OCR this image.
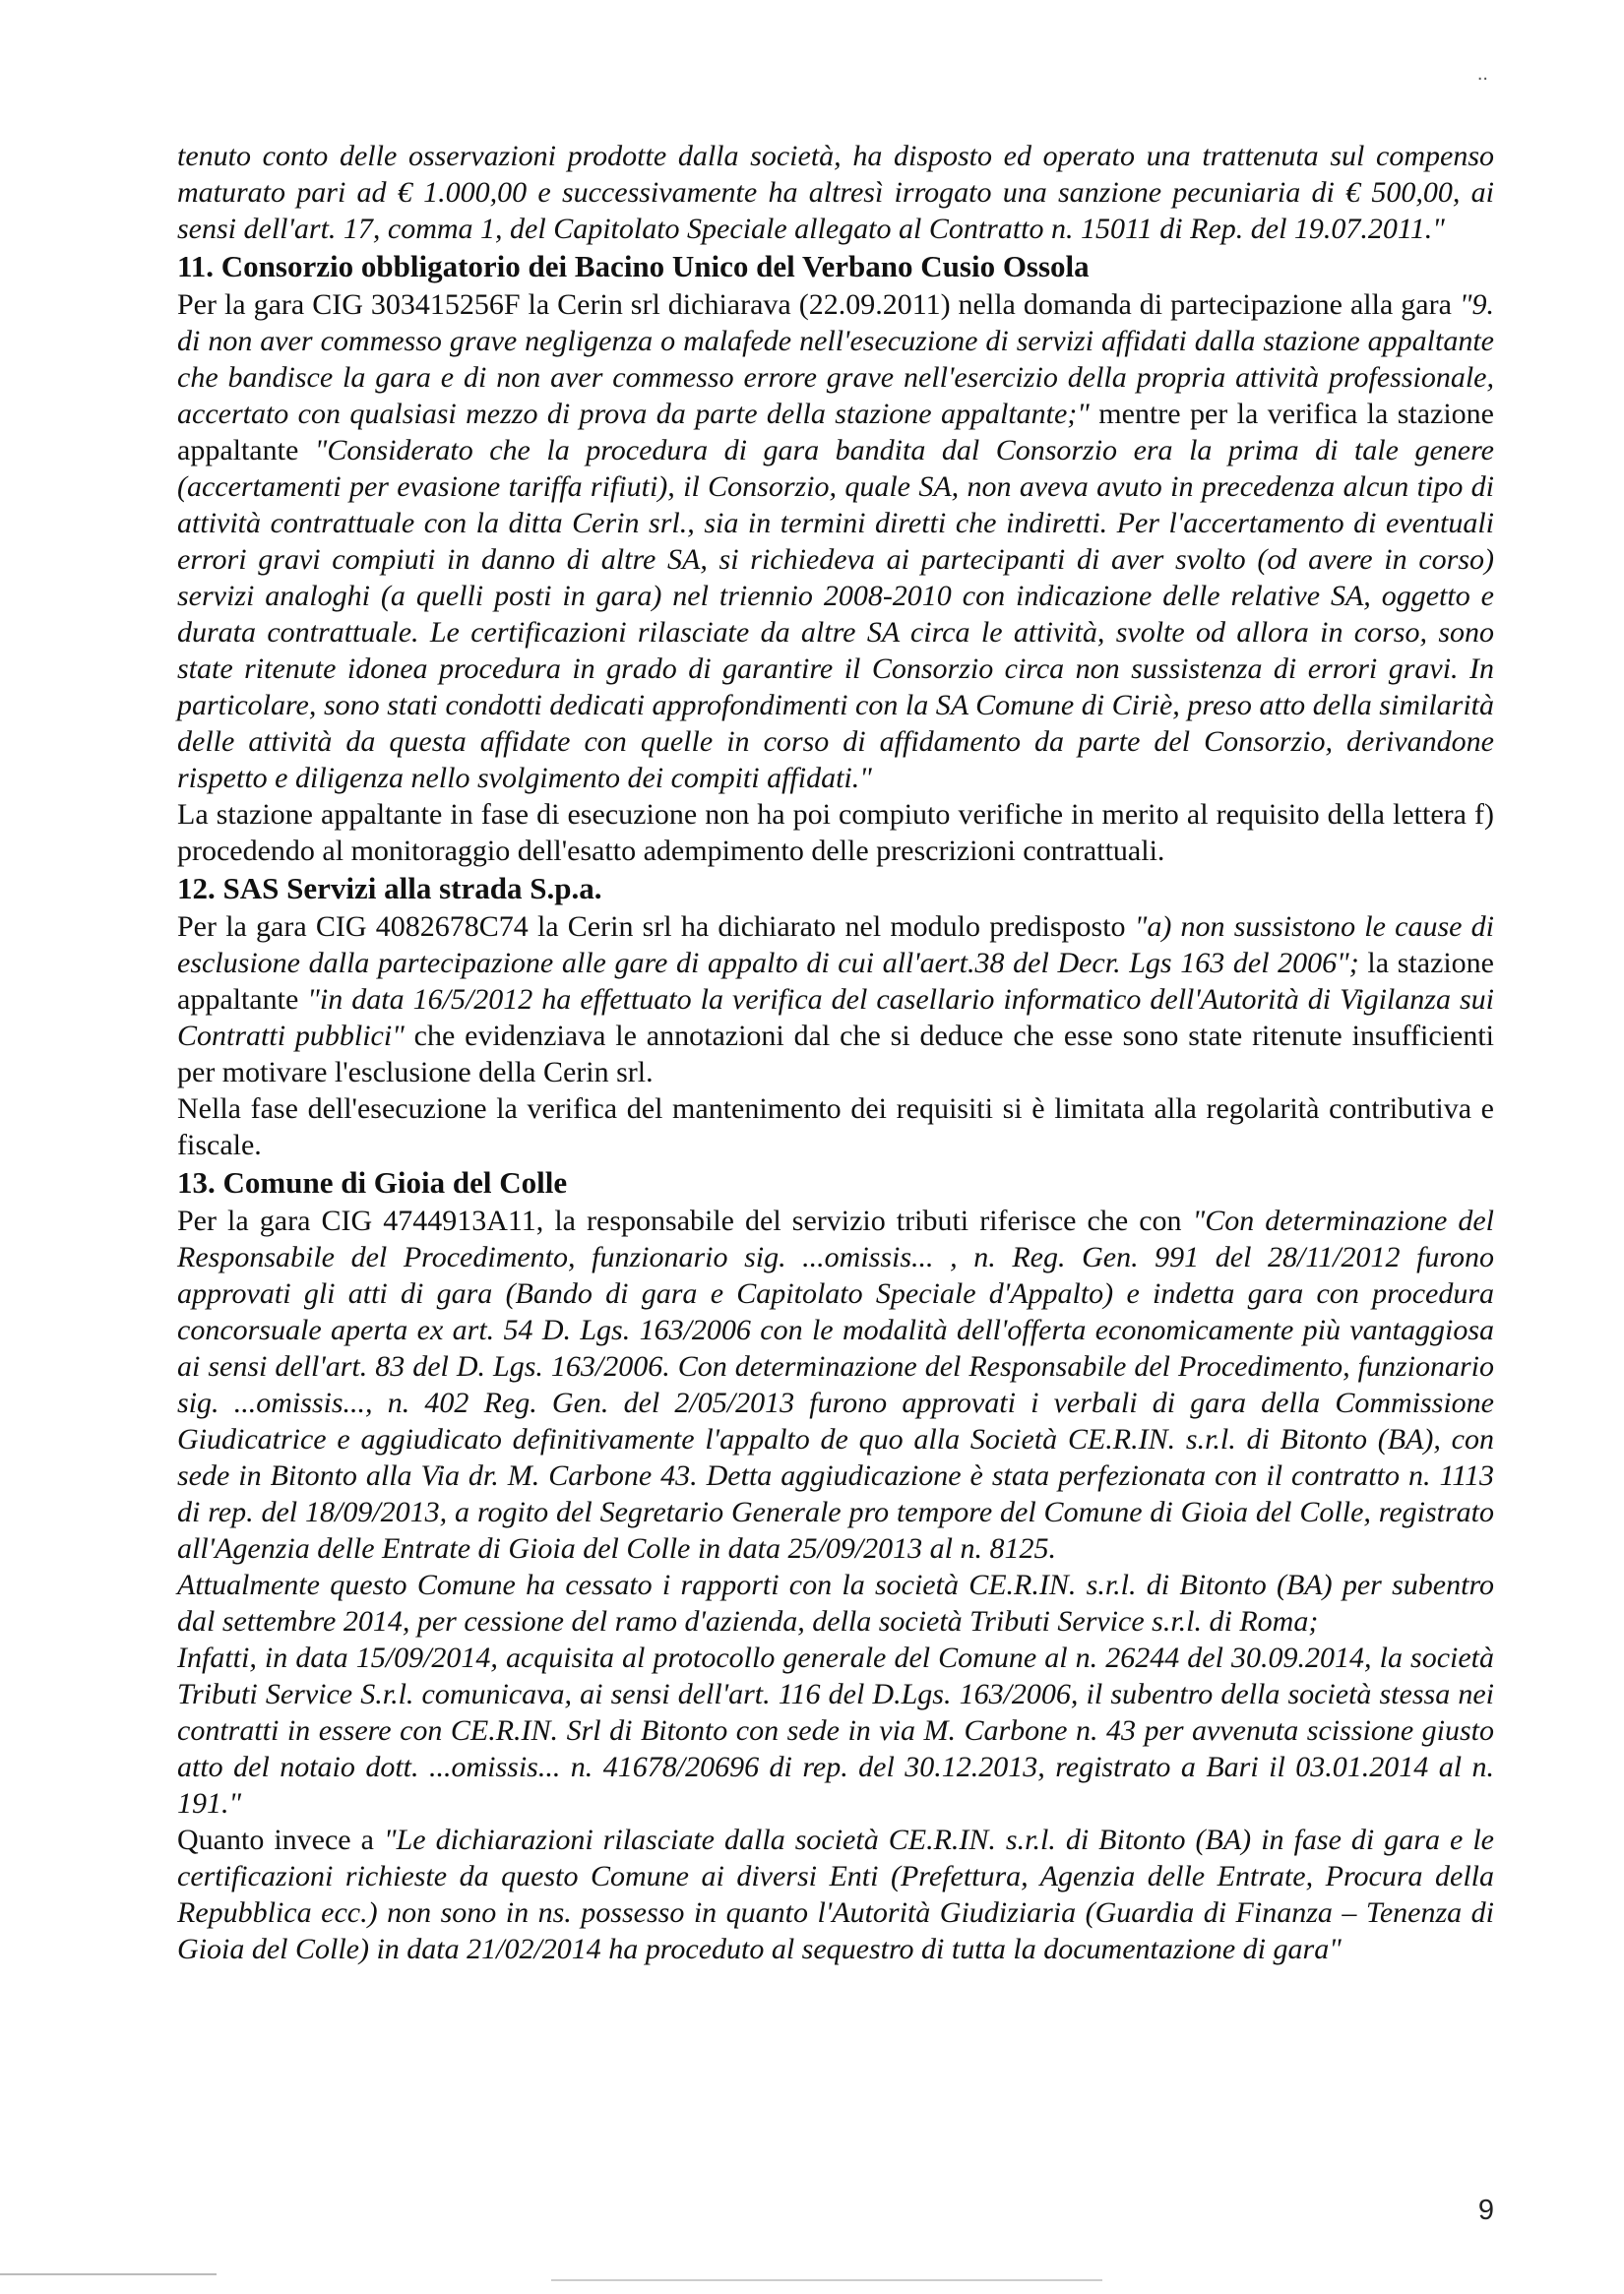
..

tenuto conto delle osservazioni prodotte dalla società, ha disposto ed operato una trattenuta sul compenso maturato pari ad € 1.000,00 e successivamente ha altresì irrogato una sanzione pecuniaria di € 500,00, ai sensi dell'art. 17, comma 1, del Capitolato Speciale allegato al Contratto n. 15011 di Rep. del 19.07.2011."

11. Consorzio obbligatorio dei Bacino Unico del Verbano Cusio Ossola

Per la gara CIG 303415256F la Cerin srl dichiarava (22.09.2011) nella domanda di partecipazione alla gara "9. di non aver commesso grave negligenza o malafede nell'esecuzione di servizi affidati dalla stazione appaltante che bandisce la gara e di non aver commesso errore grave nell'esercizio della propria attività professionale, accertato con qualsiasi mezzo di prova da parte della stazione appaltante;" mentre per la verifica la stazione appaltante "Considerato che la procedura di gara bandita dal Consorzio era la prima di tale genere (accertamenti per evasione tariffa rifiuti), il Consorzio, quale SA, non aveva avuto in precedenza alcun tipo di attività contrattuale con la ditta Cerin srl., sia in termini diretti che indiretti. Per l'accertamento di eventuali errori gravi compiuti in danno di altre SA, si richiedeva ai partecipanti di aver svolto (od avere in corso) servizi analoghi (a quelli posti in gara) nel triennio 2008-2010 con indicazione delle relative SA, oggetto e durata contrattuale. Le certificazioni rilasciate da altre SA circa le attività, svolte od allora in corso, sono state ritenute idonea procedura in grado di garantire il Consorzio circa non sussistenza di errori gravi. In particolare, sono stati condotti dedicati approfondimenti con la SA Comune di Ciriè, preso atto della similarità delle attività da questa affidate con quelle in corso di affidamento da parte del Consorzio, derivandone rispetto e diligenza nello svolgimento dei compiti affidati."

La stazione appaltante in fase di esecuzione non ha poi compiuto verifiche in merito al requisito della lettera f) procedendo al monitoraggio dell'esatto adempimento delle prescrizioni contrattuali.

12. SAS Servizi alla strada S.p.a.

Per la gara CIG 4082678C74 la Cerin srl ha dichiarato nel modulo predisposto "a) non sussistono le cause di esclusione dalla partecipazione alle gare di appalto di cui all'aert.38 del Decr. Lgs 163 del 2006"; la stazione appaltante "in data 16/5/2012 ha effettuato la verifica del casellario informatico dell'Autorità di Vigilanza sui Contratti pubblici" che evidenziava le annotazioni dal che si deduce che esse sono state ritenute insufficienti per motivare l'esclusione della Cerin srl.

Nella fase dell'esecuzione la verifica del mantenimento dei requisiti si è limitata alla regolarità contributiva e fiscale.

13. Comune di Gioia del Colle

Per la gara CIG 4744913A11, la responsabile del servizio tributi riferisce che con "Con determinazione del Responsabile del Procedimento, funzionario sig. ...omissis... , n. Reg. Gen. 991 del 28/11/2012 furono approvati gli atti di gara (Bando di gara e Capitolato Speciale d'Appalto) e indetta gara con procedura concorsuale aperta ex art. 54 D. Lgs. 163/2006 con le modalità dell'offerta economicamente più vantaggiosa ai sensi dell'art. 83 del D. Lgs. 163/2006. Con determinazione del Responsabile del Procedimento, funzionario sig. ...omissis..., n. 402 Reg. Gen. del 2/05/2013 furono approvati i verbali di gara della Commissione Giudicatrice e aggiudicato definitivamente l'appalto de quo alla Società CE.R.IN. s.r.l. di Bitonto (BA), con sede in Bitonto alla Via dr. M. Carbone 43. Detta aggiudicazione è stata perfezionata con il contratto n. 1113 di rep. del 18/09/2013, a rogito del Segretario Generale pro tempore del Comune di Gioia del Colle, registrato all'Agenzia delle Entrate di Gioia del Colle in data 25/09/2013 al n. 8125.

Attualmente questo Comune ha cessato i rapporti con la società CE.R.IN. s.r.l. di Bitonto (BA) per subentro dal settembre 2014, per cessione del ramo d'azienda, della società Tributi Service s.r.l. di Roma;

Infatti, in data 15/09/2014, acquisita al protocollo generale del Comune al n. 26244 del 30.09.2014, la società Tributi Service S.r.l. comunicava, ai sensi dell'art. 116 del D.Lgs. 163/2006, il subentro della società stessa nei contratti in essere con CE.R.IN. Srl di Bitonto con sede in via M. Carbone n. 43 per avvenuta scissione giusto atto del notaio dott. ...omissis... n. 41678/20696 di rep. del 30.12.2013, registrato a Bari il 03.01.2014 al n. 191."

Quanto invece a "Le dichiarazioni rilasciate dalla società CE.R.IN. s.r.l. di Bitonto (BA) in fase di gara e le certificazioni richieste da questo Comune ai diversi Enti (Prefettura, Agenzia delle Entrate, Procura della Repubblica ecc.) non sono in ns. possesso in quanto l'Autorità Giudiziaria (Guardia di Finanza – Tenenza di Gioia del Colle) in data 21/02/2014 ha proceduto al sequestro di tutta la documentazione di gara"

9
